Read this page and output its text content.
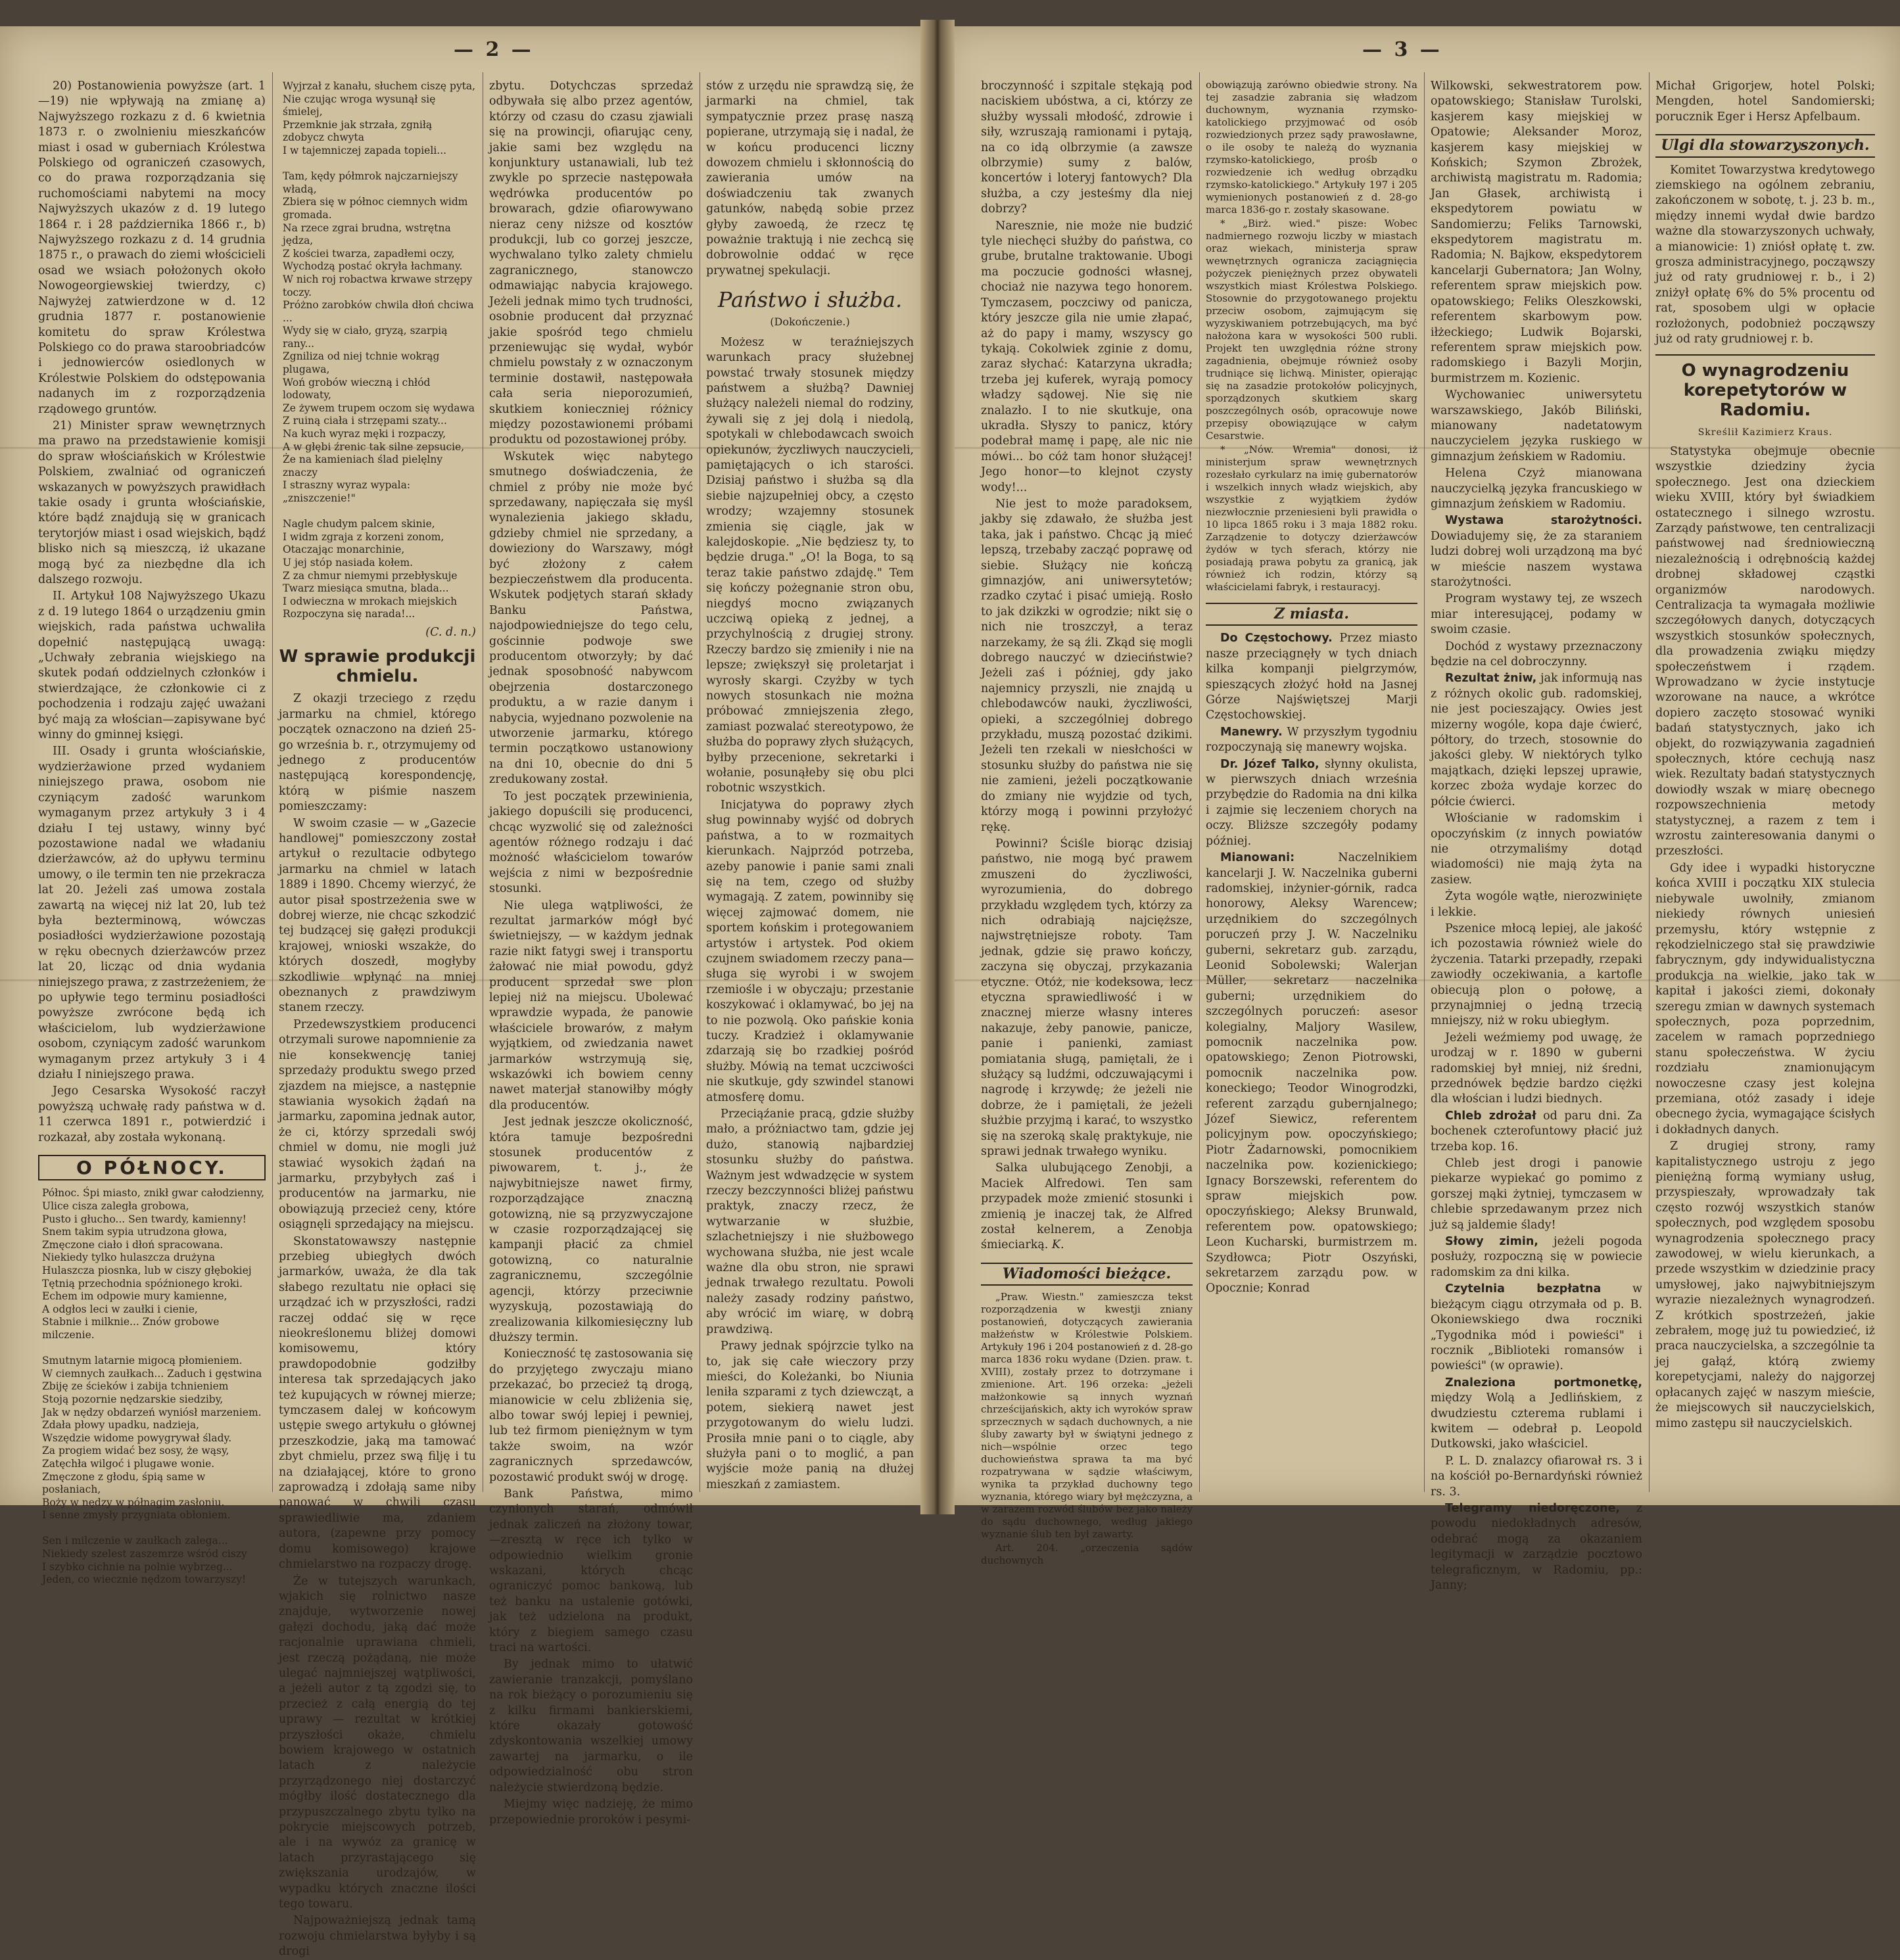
— 2 —

20) Postanowienia powyższe (art. 1—19) nie wpływają na zmianę a) Najwyższego rozkazu z d. 6 kwietnia 1873 r. o zwolnieniu mieszkańców miast i osad w guberniach Królestwa Polskiego od ograniczeń czasowych, co do prawa rozporządzania się ruchomościami nabytemi na mocy Najwyższych ukazów z d. 19 lutego 1864 r. i 28 października 1866 r., b) Najwyższego rozkazu z d. 14 grudnia 1875 r., o prawach do ziemi włościcieli osad we wsiach położonych około Nowogeorgiewskiej twierdzy, c) Najwyżej zatwierdzone w d. 12 grudnia 1877 r. postanowienie komitetu do spraw Królestwa Polskiego co do prawa staroobriadców i jednowierców osiedlonych w Królestwie Polskiem do odstępowania nadanych im z rozporządzenia rządowego gruntów.

21) Minister spraw wewnętrznych ma prawo na przedstawienie komisji do spraw włościańskich w Królestwie Polskiem, zwalniać od ograniczeń wskazanych w powyższych prawidłach takie osady i grunta włościańskie, które bądź znajdują się w granicach terytorjów miast i osad wiejskich, bądź blisko nich są mieszczą, iż ukazane mogą być za niezbędne dla ich dalszego rozwoju.

II. Artykuł 108 Najwyższego Ukazu z d. 19 lutego 1864 o urządzeniu gmin wiejskich, rada państwa uchwaliła dopełnić następującą uwagą: „Uchwały zebrania wiejskiego na skutek podań oddzielnych członków i stwierdzające, że członkowie ci z pochodzenia i rodzaju zajęć uważani być mają za włościan—zapisywane być winny do gminnej księgi.

III. Osady i grunta włościańskie, wydzierżawione przed wydaniem niniejszego prawa, osobom nie czyniącym zadość warunkom wymaganym przez artykuły 3 i 4 działu I tej ustawy, winny być pozostawione nadal we władaniu dzierżawców, aż do upływu terminu umowy, o ile termin ten nie przekracza lat 20. Jeżeli zaś umowa zostala zawartą na więcej niż lat 20, lub też była bezterminową, wówczas posiadłości wydzierżawione pozostają w ręku obecnych dzierżawców przez lat 20, licząc od dnia wydania niniejszego prawa, z zastrzeżeniem, że po upływie tego terminu posiadłości powyższe zwrócone będą ich właścicielom, lub wydzierżawione osobom, czyniącym zadość warunkom wymaganym przez artykuły 3 i 4 działu I niniejszego prawa.

Jego Cesarska Wysokość raczył powyższą uchwałę rady państwa w d. 11 czerwca 1891 r., potwierdzić i rozkazał, aby została wykonaną.

O PÓŁNOCY.
Północ. Śpi miasto, znikł gwar całodzienny,
Ulice cisza zaległa grobowa,
Pusto i głucho... Sen twardy, kamienny!
Snem takim sypia utrudzona głowa,
Zmęczone ciało i dłoń spracowana.
Niekiedy tylko hulaszcza drużyna
Hulaszcza piosnka, lub w ciszy głębokiej
Tętnią przechodnia spóźnionego kroki.
Echem im odpowie mury kamienne,
A odgłos leci w zaułki i cienie,
Stabnie i milknie... Znów grobowe milczenie.

Smutnym latarnie migocą płomieniem.
W ciemnych zaułkach... Zaduch i gęstwina
Zbiję ze ścieków i zabija tchnieniem
Stoją pozornie nędzarskie siedziby,
Jak w nędzy obdarzeń wyniósł marzeniem.
Zdała płowy upadku, nadzieja,
Wszędzie widome powygrywał ślady.
Za progiem widać bez sosy, że wąsy,
Zatęchła wilgoć i plugawe wonie.
Zmęczone z głodu, śpią same w posłaniach,
Boży w nędzy w półnagim zasłoniu.
I senne zmysły przygniata obłoniem.

Sen i milczenie w zaułkach zalega...
Niekiedy szelest zaszemrze wśród ciszy
I szybko cichnie na polnie wybrzeg...
Jeden, co wiecznie nędzom towarzyszy!
Wyjrzał z kanału, słuchem ciszę pyta,
Nie czując wroga wysunął się śmielej,
Przemknie jak strzała, zgniłą zdobycz chwyta
I w tajemniczej zapada topieli...

Tam, kędy półmrok najczarniejszy władą,
Zbiera się w północ ciemnych widm gromada.
Na rzece zgrai brudna, wstrętna jędza,
Z kościei twarza, zapadłemi oczy,
Wychodzą postać okryła łachmany.
W nich roj robactwa krwawe strzępy toczy.
Próżno zarobków chwila dłoń chciwa ...
Wydy się w ciało, gryzą, szarpią rany...
Zgniliza od niej tchnie wokrąg plugawa,
Woń grobów wieczną i chłód lodowaty,
Ze żywem trupem oczom się wydawa
Z ruiną ciała i strzępami szaty...
Na kuch wyraz męki i rozpaczy,
A w głębi źrenic tak silne zepsucie,
Że na kamieniach ślad pielęlny znaczy
I straszny wyraz wypala: „zniszczenie!"

Nagle chudym palcem skinie,
I widm zgraja z korzeni zonom,
Otaczając monarchinie,
U jej stóp nasiada kołem.
Z za chmur niemymi przebłyskuje
Twarz miesiąca smutna, blada...
I odwieczna w mrokach miejskich
Rozpoczyna się narada!...
(C. d. n.)
W sprawie produkcji chmielu.

Z okazji trzeciego z rzędu jarmarku na chmiel, którego początek oznaczono na dzień 25-go września b. r., otrzymujemy od jednego z producentów następującą korespondencję, którą w piśmie naszem pomieszczamy:

W swoim czasie — w „Gazecie handlowej" pomieszczony został artykuł o rezultacie odbytego jarmarku na chmiel w latach 1889 i 1890. Chcemy wierzyć, że autor pisał spostrzeżenia swe w dobrej wierze, nie chcąc szkodzić tej budzącej się gałęzi produkcji krajowej, wnioski wszakże, do których doszedł, mogłyby szkodliwie wpłynąć na mniej obeznanych z prawdziwym stanem rzeczy.

Przedewszystkiem producenci otrzymali surowe napomnienie za nie konsekwencję taniej sprzedaży produktu swego przed zjazdem na miejsce, a następnie stawiania wysokich żądań na jarmarku, zapomina jednak autor, że ci, którzy sprzedali swój chmiel w domu, nie mogli już stawiać wysokich żądań na jarmarku, przybyłych zaś i producentów na jarmarku, nie obowiązują przecież ceny, które osiągnęli sprzedający na miejscu.

Skonstatowawszy następnie przebieg ubiegłych dwóch jarmarków, uważa, że dla tak słabego rezultatu nie opłaci się urządzać ich w przyszłości, radzi raczej oddać się w ręce nieokreślonemu bliżej domowi komisowemu, który prawdopodobnie godziłby interesa tak sprzedających jako też kupujących w równej mierze; tymczasem dalej w końcowym ustępie swego artykułu o głównej przeszkodzie, jaką ma tamować zbyt chmielu, przez swą filję i tu na działającej, które to grono zaprowadzą i zdołają same niby panować w chwili czasu sprawiedliwie ma, zdaniem autora, (zapewne przy pomocy domu komisowego) krajowe chmielarstwo na rozpaczy drogę.

Że w tutejszych warunkach, wjakich się rolnictwo nasze znajduje, wytworzenie nowej gałęzi dochodu, jaką dać może racjonalnie uprawiana chmieli, jest rzeczą pożądaną, nie może ulegać najmniejszej wątpliwości, a jeżeli autor z tą zgodzi się, to przecież z całą energią do tej uprawy — rezultat w krótkiej przyszłości okaże, chmielu bowiem krajowego w ostatnich latach z należycie przyrządzonego niej dostarczyć mógłby ilość dostatecznego dla przypuszczalnego zbytu tylko na pokrycie miejscowych potrzeb, ale i na wywóz za granicę w latach przyrastającego się zwiększania urodzajów, w wypadku których znaczne ilości tego towaru.

Najpoważniejszą jednak tamą rozwoju chmielarstwa byłyby i są drogi

zbytu. Dotychczas sprzedaż odbywała się albo przez agentów, którzy od czasu do czasu zjawiali się na prowincji, ofiarując ceny, jakie sami bez względu na konjunktury ustanawiali, lub też zwykle po sprzecie następowała wędrówka producentów po browarach, gdzie ofiarowywano nieraz ceny niższe od kosztów produkcji, lub co gorzej jeszcze, wychwalano tylko zalety chmielu zagranicznego, stanowczo odmawiając nabycia krajowego. Jeżeli jednak mimo tych trudności, osobnie producent dał przyznać jakie spośród tego chmielu przeniewując się wydał, wybór chmielu powstały z w oznaczonym terminie dostawił, następowała cała seria nieporozumień, skutkiem konieczniej różnicy między pozostawionemi próbami produktu od pozostawionej próby.

Wskutek więc nabytego smutnego doświadczenia, że chmiel z próby nie może być sprzedawany, napięczała się myśl wynalezienia jakiego składu, gdzieby chmiel nie sprzedany, a dowieziony do Warszawy, mógł być złożony z całem bezpieczeństwem dla producenta. Wskutek podjętych starań składy Banku Państwa, najodpowiedniejsze do tego celu, gościnnie podwoje swe producentom otworzyły; by dać jednak sposobność nabywcom obejrzenia dostarczonego produktu, a w razie danym i nabycia, wyjednano pozwolenie na utworzenie jarmarku, którego termin początkowo ustanowiony na dni 10, obecnie do dni 5 zredukowany został.

To jest początek przewinienia, jakiego dopuścili się producenci, chcąc wyzwolić się od zależności agentów różnego rodzaju i dać możność właścicielom towarów wejścia z nimi w bezpośrednie stosunki.

Nie ulega wątpliwości, że rezultat jarmarków mógł być świetniejszy, — w każdym jednak razie nikt fatygi swej i transportu żałować nie miał powodu, gdyż producent sprzedał swe plon lepiej niż na miejscu. Ubolewać wprawdzie wypada, że panowie właściciele browarów, z małym wyjątkiem, od zwiedzania nawet jarmarków wstrzymują się, wskazówki ich bowiem cenny nawet materjał stanowiłby mógły dla producentów.

Jest jednak jeszcze okoliczność, która tamuje bezpośredni stosunek producentów z piwowarem, t. j., że najwybitniejsze nawet firmy, rozporządzające znaczną gotowizną, nie są przyzwyczajone w czasie rozporządzającej się kampanji płacić za chmiel gotowizną, co naturalnie zagranicznemu, szczególnie agencji, którzy przeciwnie wyzyskują, pozostawiają do zrealizowania kilkomiesięczny lub dłuższy termin.

Konieczność tę zastosowania się do przyjętego zwyczaju miano przekazać, bo przecież tą drogą, mianowicie w celu zbliżenia się, albo towar swój lepiej i pewniej, lub też firmom pieniężnym w tym także swoim, na wzór zagranicznych sprzedawców, pozostawić produkt swój w drogę.

Bank Państwa, mimo czynionych starań, odmówił jednak zaliczeń na złożony towar,—zresztą w ręce ich tylko w odpowiednio wielkim gronie wskazani, których chcąc ograniczyć pomoc bankową, lub też banku na ustalenie gotówki, jak też udzielona na produkt, który z biegiem samego czasu traci na wartości.

By jednak mimo to ułatwić zawieranie tranzakcji, pomyślano na rok bieżący o porozumieniu się z kilku firmami bankierskiemi, które okazały gotowość zdyskontowania wszelkiej umowy zawartej na jarmarku, o ile odpowiedzialność obu stron należycie stwierdzoną będzie.

Miejmy więc nadzieję, że mimo przepowiednie proroków i pesymi-

stów z urzędu nie sprawdzą się, że jarmarki na chmiel, tak sympatycznie przez prasę naszą popierane, utrzymają się i nadal, że w końcu producenci liczny dowozem chmielu i skłonnością do zawierania umów na doświadczeniu tak zwanych gatunków, nabędą sobie przez głyby zawoedą, że rzecz tę poważnie traktują i nie zechcą się dobrowolnie oddać w ręce prywatnej spekulacji.

Państwo i służba.
(Dokończenie.)

Możesz w teraźniejszych warunkach pracy służebnej powstać trwały stosunek między państwem a służbą? Dawniej służący należeli niemal do rodziny, żywali się z jej dolą i niedolą, spotykali w chlebodawcach swoich opiekunów, życzliwych nauczycieli, pamiętających o ich starości. Dzisiaj państwo i służba są dla siebie najzupełniej obcy, a często wrodzy; wzajemny stosunek zmienia się ciągle, jak w kalejdoskopie. „Nie będziesz ty, to będzie druga." „O! la Boga, to są teraz takie państwo zdajdę." Tem się kończy pożegnanie stron obu, niegdyś mocno związanych uczciwą opieką z jednej, a przychylnością z drugiej strony. Rzeczy bardzo się zmieniły i nie na lepsze; zwiększył się proletarjat i wyrosły skargi. Czyżby w tych nowych stosunkach nie można próbować zmniejszenia złego, zamiast pozwalać stereotypowo, że służba do poprawy złych służących, byłby przecenione, sekretarki i wołanie, posunąłeby się obu plci robotnic wszystkich.

Inicjatywa do poprawy złych sług powinnaby wyjść od dobrych państwa, a to w rozmaitych kierunkach. Najprzód potrzeba, azeby panowie i panie sami znali się na tem, czego od służby wymagają. Z zatem, powinniby się więcej zajmować domem, nie sportem końskim i protegowaniem artystów i artystek. Pod okiem czujnem swiadomem rzeczy pana—sługa się wyrobi i w swojem rzemiośle i w obyczaju; przestanie koszykować i oklamywać, bo jej na to nie pozwolą. Oko pańskie konia tuczy. Kradzież i oklamywanie zdarzają się bo rzadkiej pośród służby. Mówią na temat uczciwości nie skutkuje, gdy szwindel stanowi atmosferę domu.

Przeciąźanie pracą, gdzie służby mało, a próżniactwo tam, gdzie jej dużo, stanowią najbardziej stosunku służby do państwa. Ważnym jest wdwadzęcie w system rzeczy bezczynności bliżej państwu praktyk, znaczy rzecz, że wytwarzanie w służbie, szlachetniejszy i nie służbowego wychowana służba, nie jest wcale ważne dla obu stron, nie sprawi jednak trwałego rezultatu. Powoli należy zasady rodziny państwo, aby wrócić im wiarę, w dobrą prawdziwą.

Prawy jednak spójrzcie tylko na to, jak się całe wieczory przy mieści, do Koleżanki, bo Niunia leniła szparami z tych dziewcząt, a potem, siekierą nawet jest przygotowanym do wielu ludzi. Prosiła mnie pani o to ciągle, aby służyła pani o to moglić, a pan wyjście może panią na dłużej mieszkań z zamiastem.

— 3 —

broczynność i szpitale stękają pod naciskiem ubóstwa, a ci, którzy ze służby wyssali młodość, zdrowie i siły, wzruszają ramionami i pytają, na co idą olbrzymie (a zawsze olbrzymie) sumy z balów, koncertów i loteryj fantowych? Dla służba, a czy jesteśmy dla niej dobrzy?

Naresznie, nie może nie budzić tyle niechęci służby do państwa, co grube, brutalne traktowanie. Ubogi ma poczucie godności własnej, chociaż nie nazywa tego honorem. Tymczasem, poczciwy od panicza, który jeszcze gila nie umie złapać, aż do papy i mamy, wszyscy go tykają. Cokolwiek zginie z domu, zaraz słychać: Katarzyna ukradła; trzeba jej kuferek, wyrają pomocy władzy sądowej. Nie się nie znalazło. I to nie skutkuje, ona ukradła. Słyszy to panicz, który podebrał mamę i papę, ale nic nie mówi... bo cóż tam honor służącej! Jego honor—to klejnot czysty wody!...

Nie jest to może paradoksem, jakby się zdawało, że służba jest taka, jak i państwo. Chcąc ją mieć lepszą, trzebaby zacząć poprawę od siebie. Służący nie kończą gimnazjów, ani uniwersytetów; rzadko czytać i pisać umieją. Rosło to jak dzikzki w ogrodzie; nikt się o nich nie troszczył, a teraz narzekamy, że są źli. Zkąd się mogli dobrego nauczyć w dzieciństwie? Jeżeli zaś i później, gdy jako najemnicy przyszli, nie znajdą u chlebodawców nauki, życzliwości, opieki, a szczególniej dobrego przykładu, muszą pozostać dzikimi. Jeżeli ten rzekali w niesłchości w stosunku służby do państwa nie się nie zamieni, jeżeli początkowanie do zmiany nie wyjdzie od tych, którzy mogą i powinni przyłożyć rękę.

Powinni? Ściśle biorąc dzisiaj państwo, nie mogą być prawem zmuszeni do życzliwości, wyrozumienia, do dobrego przykładu względem tych, którzy za nich odrabiają najcięższe, najwstrętniejsze roboty. Tam jednak, gdzie się prawo kończy, zaczyna się obyczaj, przykazania etyczne. Otóż, nie kodeksowa, lecz etyczna sprawiedliwość i w znacznej mierze własny interes nakazuje, żeby panowie, panicze, panie i panienki, zamiast pomiatania sługą, pamiętali, że i służący są ludźmi, odczuwającymi i nagrodę i krzywdę; że jeżeli nie dobrze, że i pamiętali, że jeżeli służbie przyjmą i karać, to wszystko się na szeroką skalę praktykuje, nie sprawi jednak trwałego wyniku.

Salka ulubującego Zenobji, a Maciek Alfredowi. Ten sam przypadek może zmienić stosunki i zmienią je inaczej tak, że Alfred został kelnerem, a Zenobja śmieciarką. K.

Wiadomości bieżące.

„Praw. Wiestn." zamieszcza tekst rozporządzenia w kwestji zniany postanowień, dotyczących zawierania małżeństw w Królestwie Polskiem. Artykuły 196 i 204 postanowień z d. 28-go marca 1836 roku wydane (Dzien. praw. t. XVIII), zostały przez to dotrzymane i zmienione. Art. 196 orzeka: „jeżeli małżonkowie są innych wyznań chrześcijańskich, akty ich wyroków spraw sprzecznych w sądach duchownych, a nie śluby zawarty był w świątyni jednego z nich—wspólnie orzec tego duchowieństwa sprawa ta ma być rozpatrywana w sądzie właściwym, wynika ta przykład duchowny tego wyznania, którego wiary był mężczyzna, a w zarazem rozwód ślubów bez jako należy do sądu duchownego, według jakiego wyznanie ślub ten był zawarty.

Art. 204. „orzeczenia sądów duchownych

obowiązują zarówno obiedwie strony. Na tej zasadzie zabrania się władzom duchownym, wyznania rzymsko-katolickiego przyjmować od osób rozwiedzionych przez sądy prawosławne, o ile osoby te należą do wyznania rzymsko-katolickiego, prośb o rozwiedzenie ich według obrządku rzymsko-katolickiego." Artykuły 197 i 205 wymienionych postanowień z d. 28-go marca 1836-go r. zostały skasowane.

* „Birż. wied." pisze: Wobec nadmiernego rozwoju liczby w miastach oraz wiekach, ministerja spraw wewnętrznych ogranicza zaciągnięcia pożyczek pieniężnych przez obywateli wszystkich miast Królestwa Polskiego. Stosownie do przygotowanego projektu przeciw osobom, zajmującym się wyzyskiwaniem potrzebujących, ma być nałożona kara w wysokości 500 rubli. Projekt ten uwzględnia różne strony zagadnienia, obejmuje również osoby trudniące się lichwą. Minister, opierając się na zasadzie protokołów policyjnych, sporządzonych skutkiem skarg poszczególnych osób, opracowuje nowe przepisy obowiązujące w całym Cesarstwie.

* „Nów. Wremia" donosi, iż ministerjum spraw wewnętrznych rozesłało cyrkularz na imię gubernatorów i wszelkich innych władz wiejskich, aby wszystkie z wyjątkiem żydów niezwłocznie przeniesieni byli prawidła o 10 lipca 1865 roku i 3 maja 1882 roku. Zarządzenie to dotyczy dzierżawców żydów w tych sferach, którzy nie posiadają prawa pobytu za granicą, jak również ich rodzin, którzy są właścicielami fabryk, i restauracyj.

Z miasta.

Do Częstochowy. Przez miasto nasze przeciągnęły w tych dniach kilka kompanji pielgrzymów, spieszących złożyć hołd na Jasnej Górze Najświętszej Marji Częstochowskiej.

Manewry. W przyszłym tygodniu rozpoczynają się manewry wojska.

Dr. Józef Talko, słynny okulista, w pierwszych dniach września przybędzie do Radomia na dni kilka i zajmie się leczeniem chorych na oczy. Bliższe szczegóły podamy później.

Mianowani:	Naczelnikiem kancelarji J. W. Naczelnika guberni radomskiej, inżynier-górnik, radca honorowy, Aleksy Warencew; urzędnikiem do szczególnych poruczeń przy J. W. Naczelniku guberni, sekretarz gub. zarządu, Leonid Sobolewski; Walerjan Müller, sekretarz naczelnika guberni; urzędnikiem do szczególnych poruczeń: asesor kolegialny, Maljory Wasilew, pomocnik naczelnika pow. opatowskiego; Zenon Piotrowski, pomocnik naczelnika pow. koneckiego; Teodor Winogrodzki, referent zarządu gubernjalnego; Józef Siewicz, referentem policyjnym pow. opoczyńskiego; Piotr Żadarnowski, pomocnikiem naczelnika pow. kozienickiego; Ignacy Borszewski, referentem do spraw miejskich pow. opoczyńskiego; Aleksy Brunwald, referentem pow. opatowskiego; Leon Kucharski, burmistrzem m. Szydłowca; Piotr Oszyński, sekretarzem zarządu pow. w Opocznie; Konrad

Wilkowski, sekwestratorem pow. opatowskiego; Stanisław Turolski, kasjerem kasy miejskiej w Opatowie; Aleksander Moroz, kasjerem kasy miejskiej w Końskich; Szymon Zbrożek, archiwistą magistratu m. Radomia; Jan Głasek, archiwistą i ekspedytorem powiatu w Sandomierzu; Feliks Tarnowski, ekspedytorem magistratu m. Radomia; N. Bajkow, ekspedytorem kancelarji Gubernatora; Jan Wolny, referentem spraw miejskich pow. opatowskiego; Feliks Oleszkowski, referentem skarbowym pow. iłżeckiego; Ludwik Bojarski, referentem spraw miejskich pow. radomskiego i Bazyli Morjin, burmistrzem m. Kozienic.

Wychowaniec uniwersytetu warszawskiego, Jakób Biliński, mianowany nadetatowym nauczycielem języka ruskiego w gimnazjum żeńskiem w Radomiu.

Helena Czyż mianowana nauczycielką języka francuskiego w gimnazjum żeńskiem w Radomiu.

Wystawa starożytności. Dowiadujemy się, że za staraniem ludzi dobrej woli urządzoną ma być w mieście naszem wystawa starożytności.

Program wystawy tej, ze wszech miar interesującej, podamy w swoim czasie.

Dochód z wystawy przeznaczony będzie na cel dobroczynny.

Rezultat żniw, jak informują nas z różnych okolic gub. radomskiej, nie jest pocieszający. Owies jest mizerny wogóle, kopa daje ćwierć, półtory, do trzech, stosownie do jakości gleby. W niektórych tylko majątkach, dzięki lepszej uprawie, korzec zboża wydaje korzec do półcie ćwierci.

Włościanie w radomskim i opoczyńskim (z innych powiatów nie otrzymaliśmy dotąd wiadomości) nie mają żyta na zasiew.

Żyta wogóle wątłe, nierozwinięte i lekkie.

Pszenice młocą lepiej, ale jakość ich pozostawia również wiele do życzenia. Tatarki przepadły, rzepaki zawiodły oczekiwania, a kartofle obiecują plon o połowę, a przynajmniej o jedną trzecią mniejszy, niż w roku ubiegłym.

Jeżeli weźmiemy pod uwagę, że urodzaj w r. 1890 w guberni radomskiej był mniej, niż średni, przednówek będzie bardzo ciężki dla włościan i ludzi biednych.

Chleb zdrożał od paru dni. Za bochenek czterofuntowy płacić już trzeba kop. 16.

Chleb jest drogi i panowie piekarze wypiekać go pomimo z gorszej mąki żytniej, tymczasem w chlebie sprzedawanym przez nich już są jaldemie ślady!

Słowy zimin, jeżeli pogoda posłuży, rozpoczną się w powiecie radomskim za dni kilka.

Czytelnia bezpłatna	w bieżącym ciągu otrzymała od p. B. Okoniewskiego dwa roczniki „Tygodnika mód i powieści" i rocznik „Biblioteki romansów i powieści" (w oprawie).

Znaleziona portmonetkę, między Wolą a Jedlińskiem, z dwudziestu czterema rublami i kwitem — odebrał p. Leopold Dutkowski, jako właściciel.

P. L. D. znalazcy ofiarował rs. 3 i na kościół po-Bernardyński również rs. 3.

Telegramy niedoręczone, z powodu niedokładnych adresów, odebrać mogą za okazaniem legitymacji w zarządzie pocztowo telegraficznym, w Radomiu, pp.: Janny;

Michał Grigorjew, hotel Polski; Mengden, hotel Sandomierski; porucznik Eger i Hersz Apfelbaum.

Ulgi dla stowarzyszonych.

Komitet Towarzystwa kredytowego ziemskiego na ogólnem zebraniu, zakończonem w sobotę, t. j. 23 b. m., między innemi wydał dwie bardzo ważne dla stowarzyszonych uchwały, a mianowicie: 1) zniósł opłatę t. zw. grosza administracyjnego, począwszy już od raty grudniowej r. b., i 2) zniżył opłatę 6% do 5% procentu od rat, sposobem ulgi w opłacie rozłożonych, podobnież począwszy już od raty grudniowej r. b.

O wynagrodzeniu korepetytorów w Radomiu.
Skreślił Kazimierz Kraus.

Statystyka obejmuje obecnie wszystkie dziedziny życia społecznego. Jest ona dzieckiem wieku XVIII, który był świadkiem ostatecznego i silnego wzrostu. Zarządy państwowe, ten centralizacji państwowej nad średniowieczną niezależnością i odrębnością każdej drobnej składowej cząstki organizmów narodowych. Centralizacja ta wymagała możliwie szczegółowych danych, dotyczących wszystkich stosunków społecznych, dla prowadzenia zwiąku między społeczeństwem i rządem. Wprowadzano w życie instytucje wzorowane na nauce, a wkrótce dopiero zaczęto stosować wyniki badań statystycznych, jako ich objekt, do rozwiązywania zagadnień społecznych, które cechują nasz wiek. Rezultaty badań statystycznych dowiodły wszak w miarę obecnego rozpowszechnienia metody statystycznej, a razem z tem i wzrostu zainteresowania danymi o przeszłości.

Gdy idee i wypadki historyczne końca XVIII i początku XIX stulecia niebywale uwolniły, zmianom niekiedy równych uniesień przemysłu, który wstępnie z rękodzielniczego stał się prawdziwie fabrycznym, gdy indywidualistyczna produkcja na wielkie, jako tak w kapitał i jakości ziemi, dokonały szeregu zmian w dawnych systemach społecznych, poza poprzednim, zacelem w ramach poprzedniego stanu społeczeństwa. W życiu rozdziału znamionującym nowoczesne czasy jest kolejna przemiana, otóż zasady i ideje obecnego życia, wymagające ścisłych i dokładnych danych.

Z drugiej strony, ramy kapitalistycznego ustroju z jego pieniężną formą wymiany usług, przyspieszały, wprowadzały tak często rozwój wszystkich stanów społecznych, pod względem sposobu wynagrodzenia społecznego pracy zawodowej, w wielu kierunkach, a przede wszystkim w dziedzinie pracy umysłowej, jako najwybitniejszym wyrazie niezależnych wynagrodzeń. Z krótkich spostrzeżeń, jakie zebrałem, mogę już tu powiedzieć, iż praca nauczycielska, a szczególnie ta jej gałąź, którą zwiemy korepetycjami, należy do najgorzej opłacanych zajęć w naszym mieście, że miejscowych sił nauczycielskich, mimo zastępu sił nauczycielskich.
